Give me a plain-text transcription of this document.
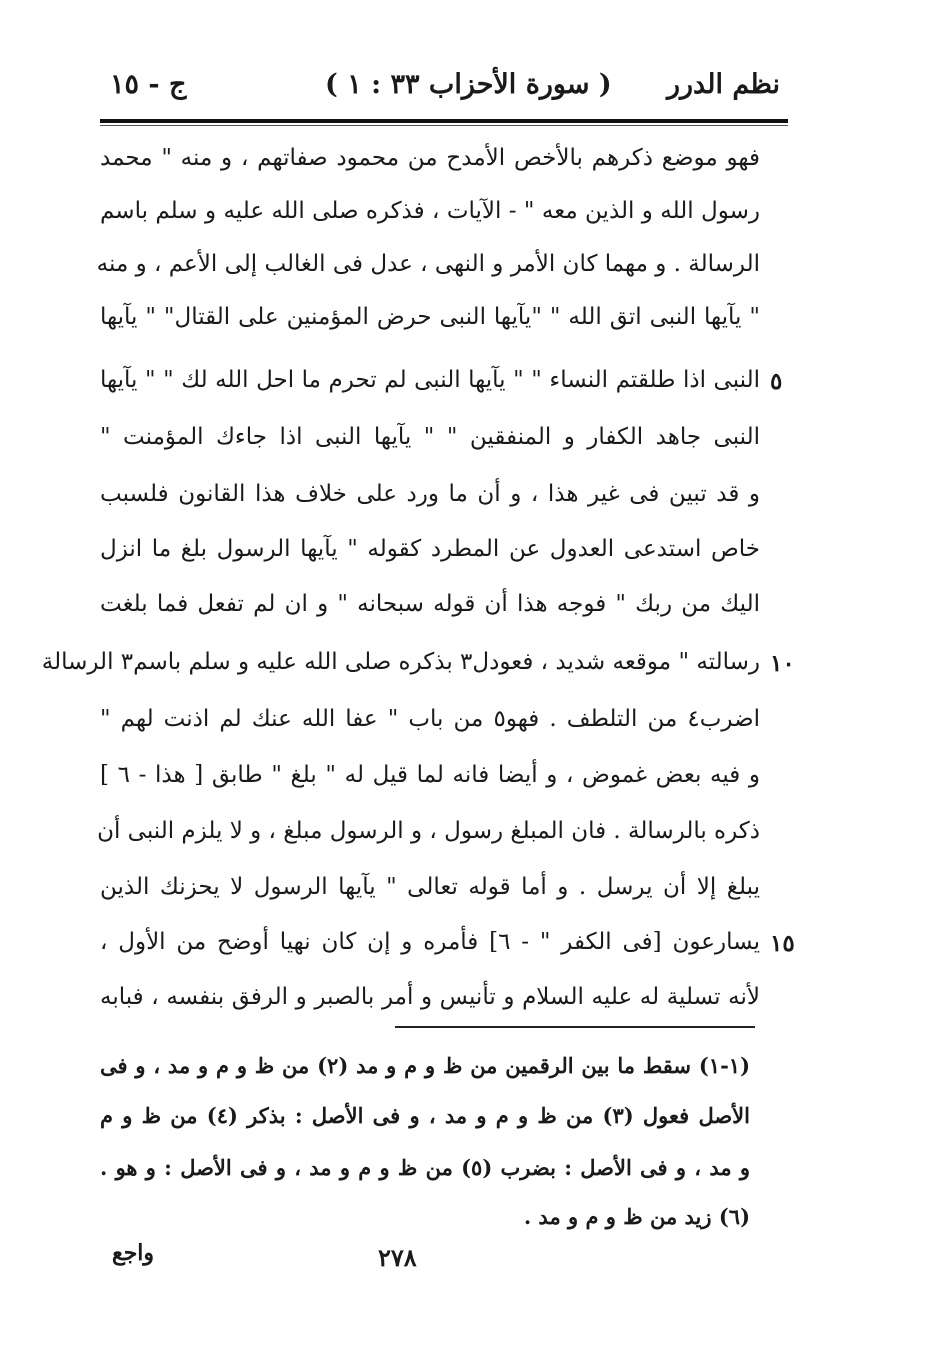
ج - ١٥	( سورة الأحزاب ٣٣ : ١ ) نظم الدرر
فهو موضع ذكرهم بالأخص الأمدح من محمود صفاتهم ، و منه " محمد
رسول الله و الذين معه " - الآيات ، فذكره صلى الله عليه و سلم باسم
الرسالة . و مهما كان الأمر و النهى ، عدل فى الغالب إلى الأعم ، و منه
" يآيها النبى اتق الله " "يآيها النبى حرض المؤمنين على القتال" " يآيها
النبى اذا طلقتم النساء " " يآيها النبى لم تحرم ما احل الله لك " " يآيها ٥
النبى جاهد الكفار و المنفقين " " يآيها النبى اذا جاءك المؤمنت "
و قد تبين فى غير هذا ، و أن ما ورد على خلاف هذا القانون فلسبب
خاص استدعى العدول عن المطرد كقوله " يآيها الرسول بلغ ما انزل
اليك من ربك " فوجه هذا أن قوله سبحانه " و ان لم تفعل فما بلغت
رسالته " موقعه شديد ، فعودل٣ بذكره صلى الله عليه و سلم باسم٣ الرسالة ١٠
اضرب٤ من التلطف . فهو٥ من باب " عفا الله عنك لم اذنت لهم "
و فيه بعض غموض ، و أيضا فانه لما قيل له " بلغ " طابق [ هذا - ٦ ]
ذكره بالرسالة . فان المبلغ رسول ، و الرسول مبلغ ، و لا يلزم النبى أن
يبلغ إلا أن يرسل . و أما قوله تعالى " يآيها الرسول لا يحزنك الذين
يسارعون [فى الكفر " - ٦] فأمره و إن كان نهيا أوضح من الأول ، ١٥
لأنه تسلية له عليه السلام و تأنيس و أمر بالصبر و الرفق بنفسه ، فبابه
(١-١) سقط ما بين الرقمين من ظ و م و مد (٢) من ظ و م و مد ، و فى
الأصل فعول (٣) من ظ و م و مد ، و فى الأصل : بذكر (٤) من ظ و م
و مد ، و فى الأصل : بضرب (٥) من ظ و م و مد ، و فى الأصل : و هو .
(٦) زيد من ظ و م و مد .
واجع	٢٧٨
